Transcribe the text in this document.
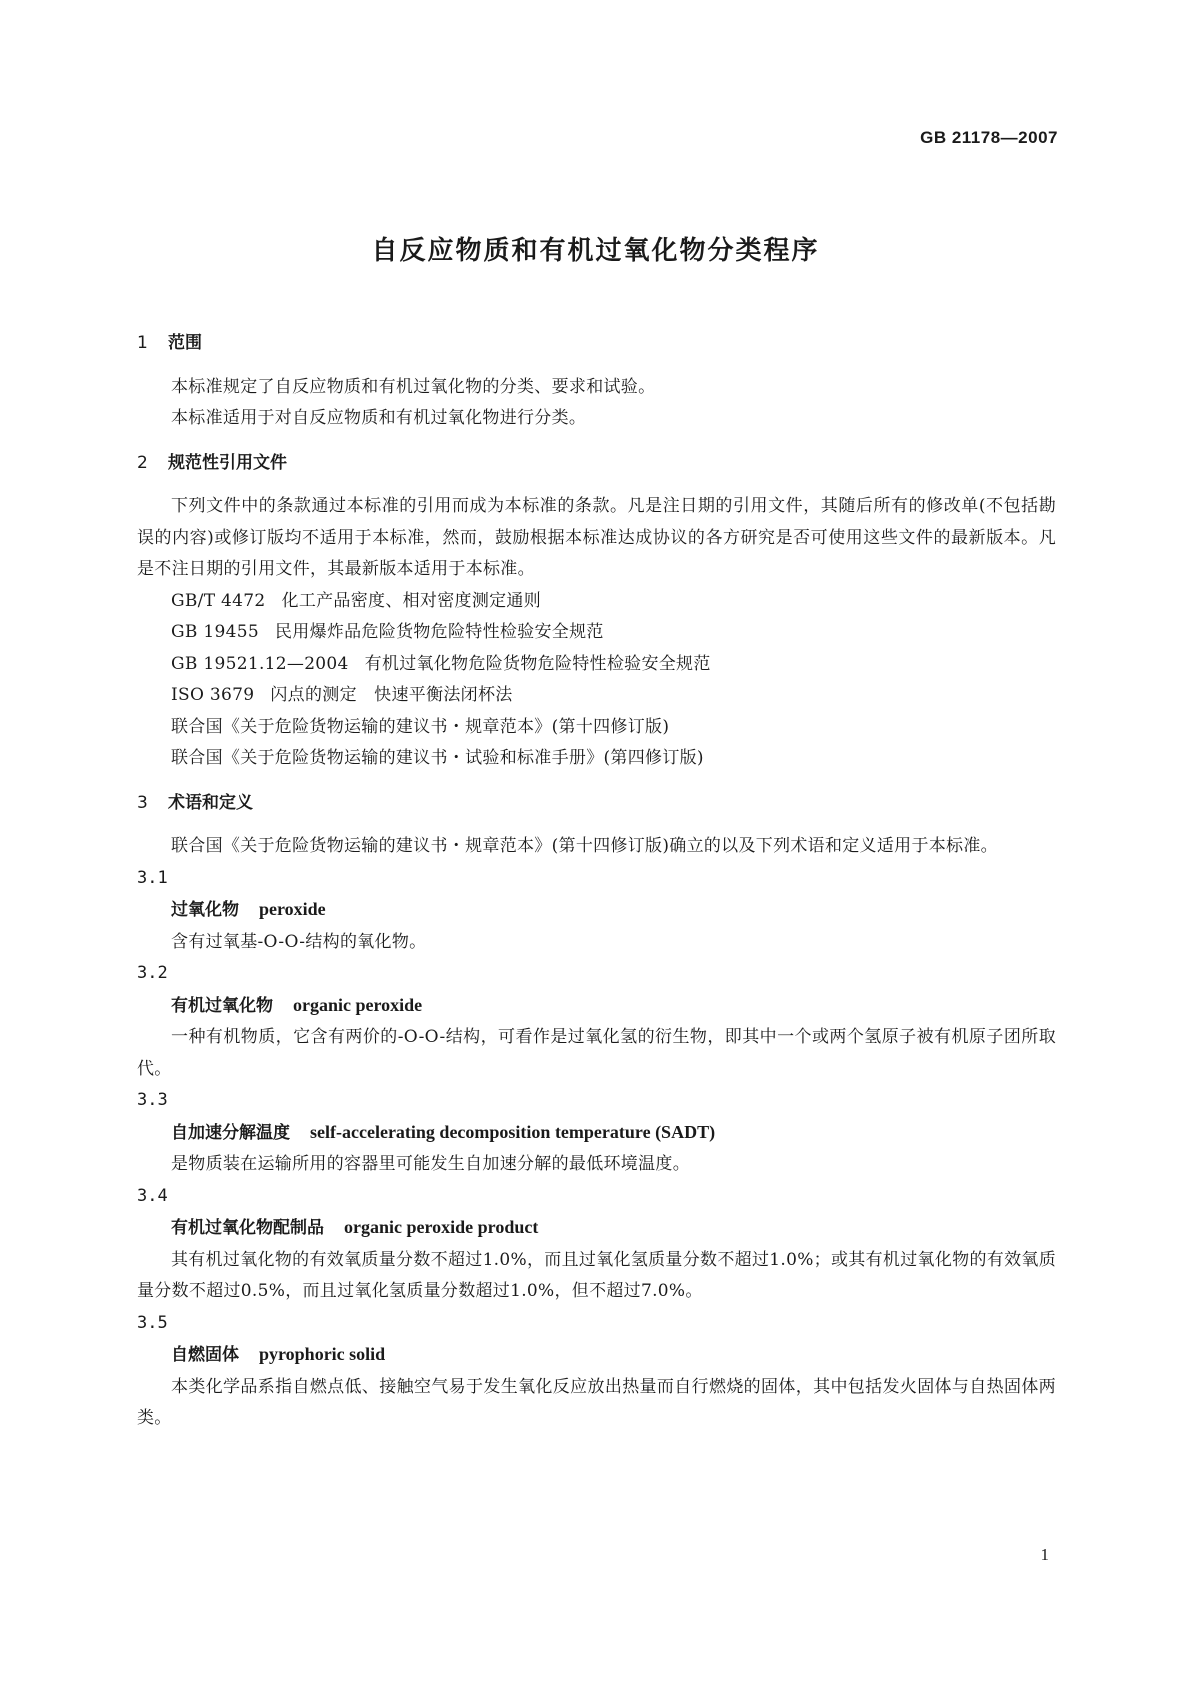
GB 21178—2007
自反应物质和有机过氧化物分类程序

1 范围

本标准规定了自反应物质和有机过氧化物的分类、要求和试验。

本标准适用于对自反应物质和有机过氧化物进行分类。

2 规范性引用文件

下列文件中的条款通过本标准的引用而成为本标准的条款。凡是注日期的引用文件，其随后所有的修改单(不包括勘误的内容)或修订版均不适用于本标准，然而，鼓励根据本标准达成协议的各方研究是否可使用这些文件的最新版本。凡是不注日期的引用文件，其最新版本适用于本标准。

GB/T 4472 化工产品密度、相对密度测定通则

GB 19455 民用爆炸品危险货物危险特性检验安全规范

GB 19521.12—2004 有机过氧化物危险货物危险特性检验安全规范

ISO 3679 闪点的测定　快速平衡法闭杯法

联合国《关于危险货物运输的建议书・规章范本》(第十四修订版)

联合国《关于危险货物运输的建议书・试验和标准手册》(第四修订版)

3 术语和定义

联合国《关于危险货物运输的建议书・规章范本》(第十四修订版)确立的以及下列术语和定义适用于本标准。

3.1

过氧化物 peroxide

含有过氧基-O-O-结构的氧化物。

3.2

有机过氧化物 organic peroxide

一种有机物质，它含有两价的-O-O-结构，可看作是过氧化氢的衍生物，即其中一个或两个氢原子被有机原子团所取代。

3.3

自加速分解温度 self-accelerating decomposition temperature (SADT)

是物质装在运输所用的容器里可能发生自加速分解的最低环境温度。

3.4

有机过氧化物配制品 organic peroxide product

其有机过氧化物的有效氧质量分数不超过1.0%，而且过氧化氢质量分数不超过1.0%；或其有机过氧化物的有效氧质量分数不超过0.5%，而且过氧化氢质量分数超过1.0%，但不超过7.0%。

3.5

自燃固体 pyrophoric solid

本类化学品系指自燃点低、接触空气易于发生氧化反应放出热量而自行燃烧的固体，其中包括发火固体与自热固体两类。

1
